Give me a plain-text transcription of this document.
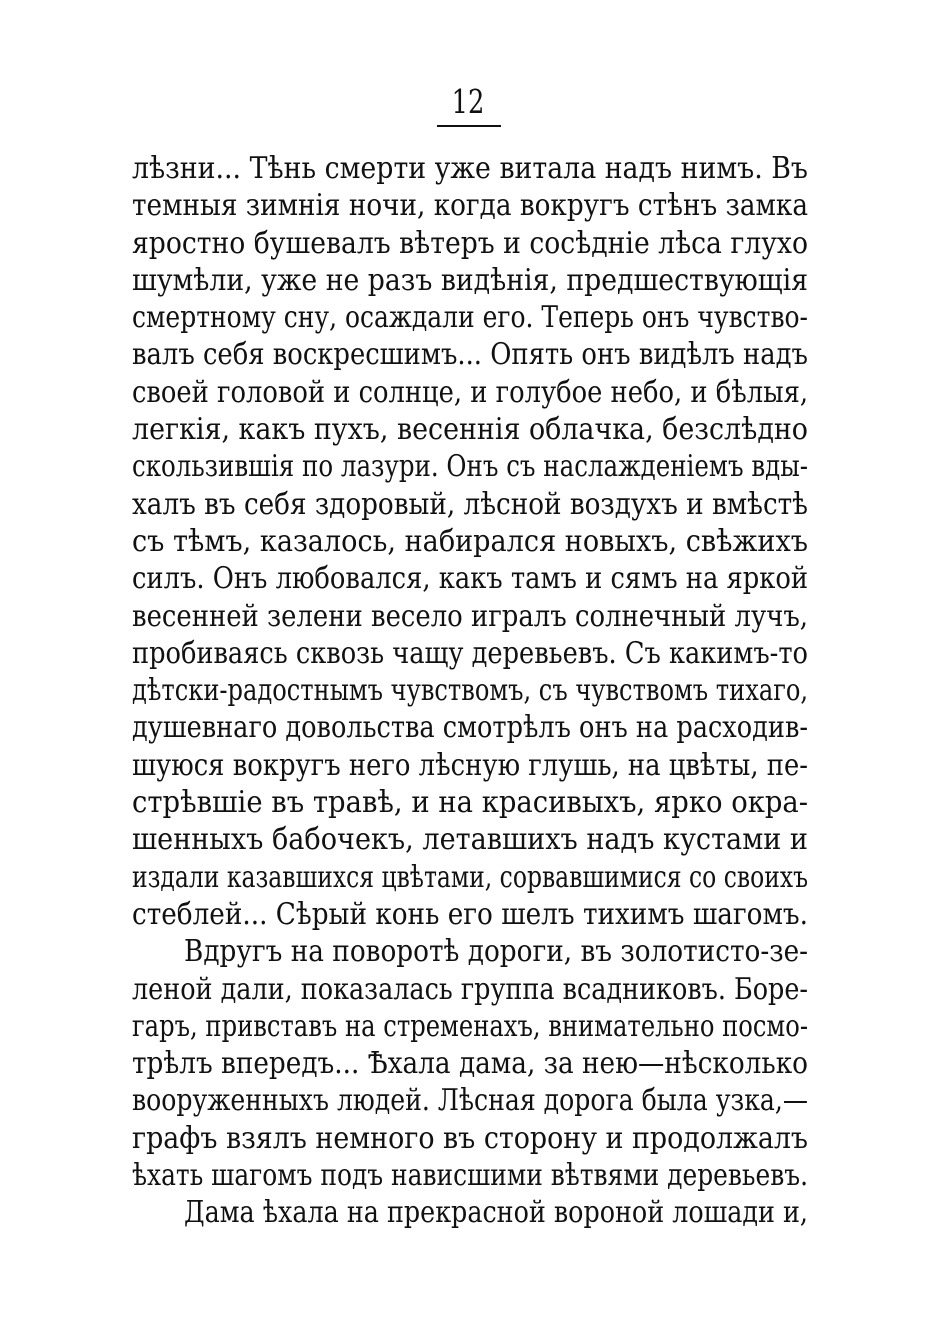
12
лѣзни... Тѣнь смерти уже витала надъ нимъ. Въ
темныя зимнія ночи, когда вокругъ стѣнъ замка
яростно бушевалъ вѣтеръ и сосѣдніе лѣса глухо
шумѣли, уже не разъ видѣнія, предшествующія
смертному сну, осаждали его. Теперь онъ чувство-
валъ себя воскресшимъ... Опять онъ видѣлъ надъ
своей головой и солнце, и голубое небо, и бѣлыя,
легкія, какъ пухъ, весеннія облачка, безслѣдно
скользившія по лазури. Онъ съ наслажденіемъ вды-
халъ въ себя здоровый, лѣсной воздухъ и вмѣстѣ
съ тѣмъ, казалось, набирался новыхъ, свѣжихъ
силъ. Онъ любовался, какъ тамъ и сямъ на яркой
весенней зелени весело игралъ солнечный лучъ,
пробиваясь сквозь чащу деревьевъ. Съ какимъ-то
дѣтски-радостнымъ чувствомъ, съ чувствомъ тихаго,
душевнаго довольства смотрѣлъ онъ на расходив-
шуюся вокругъ него лѣсную глушь, на цвѣты, пе-
стрѣвшіе въ травѣ, и на красивыхъ, ярко окра-
шенныхъ бабочекъ, летавшихъ надъ кустами и
издали казавшихся цвѣтами, сорвавшимися со своихъ
стеблей... Сѣрый конь его шелъ тихимъ шагомъ.
Вдругъ на поворотѣ дороги, въ золотисто-зе-
леной дали, показалась группа всадниковъ. Боре-
гаръ, привставъ на стременахъ, внимательно посмо-
трѣлъ впередъ... Ѣхала дама, за нею—нѣсколько
вооруженныхъ людей. Лѣсная дорога была узка,—
графъ взялъ немного въ сторону и продолжалъ
ѣхать шагомъ подъ нависшими вѣтвями деревьевъ.
Дама ѣхала на прекрасной вороной лошади и,
